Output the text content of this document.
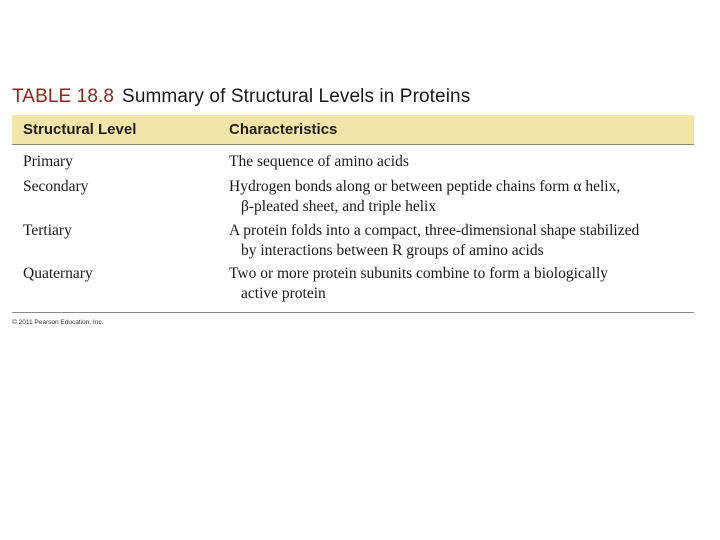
TABLE 18.8 Summary of Structural Levels in Proteins
Structural Level	Characteristics
Primary	The sequence of amino acids
Secondary	Hydrogen bonds along or between peptide chains form α helix,
β-pleated sheet, and triple helix
Tertiary	A protein folds into a compact, three-dimensional shape stabilized
by interactions between R groups of amino acids
Quaternary	Two or more protein subunits combine to form a biologically
active protein
© 2011 Pearson Education, Inc.
